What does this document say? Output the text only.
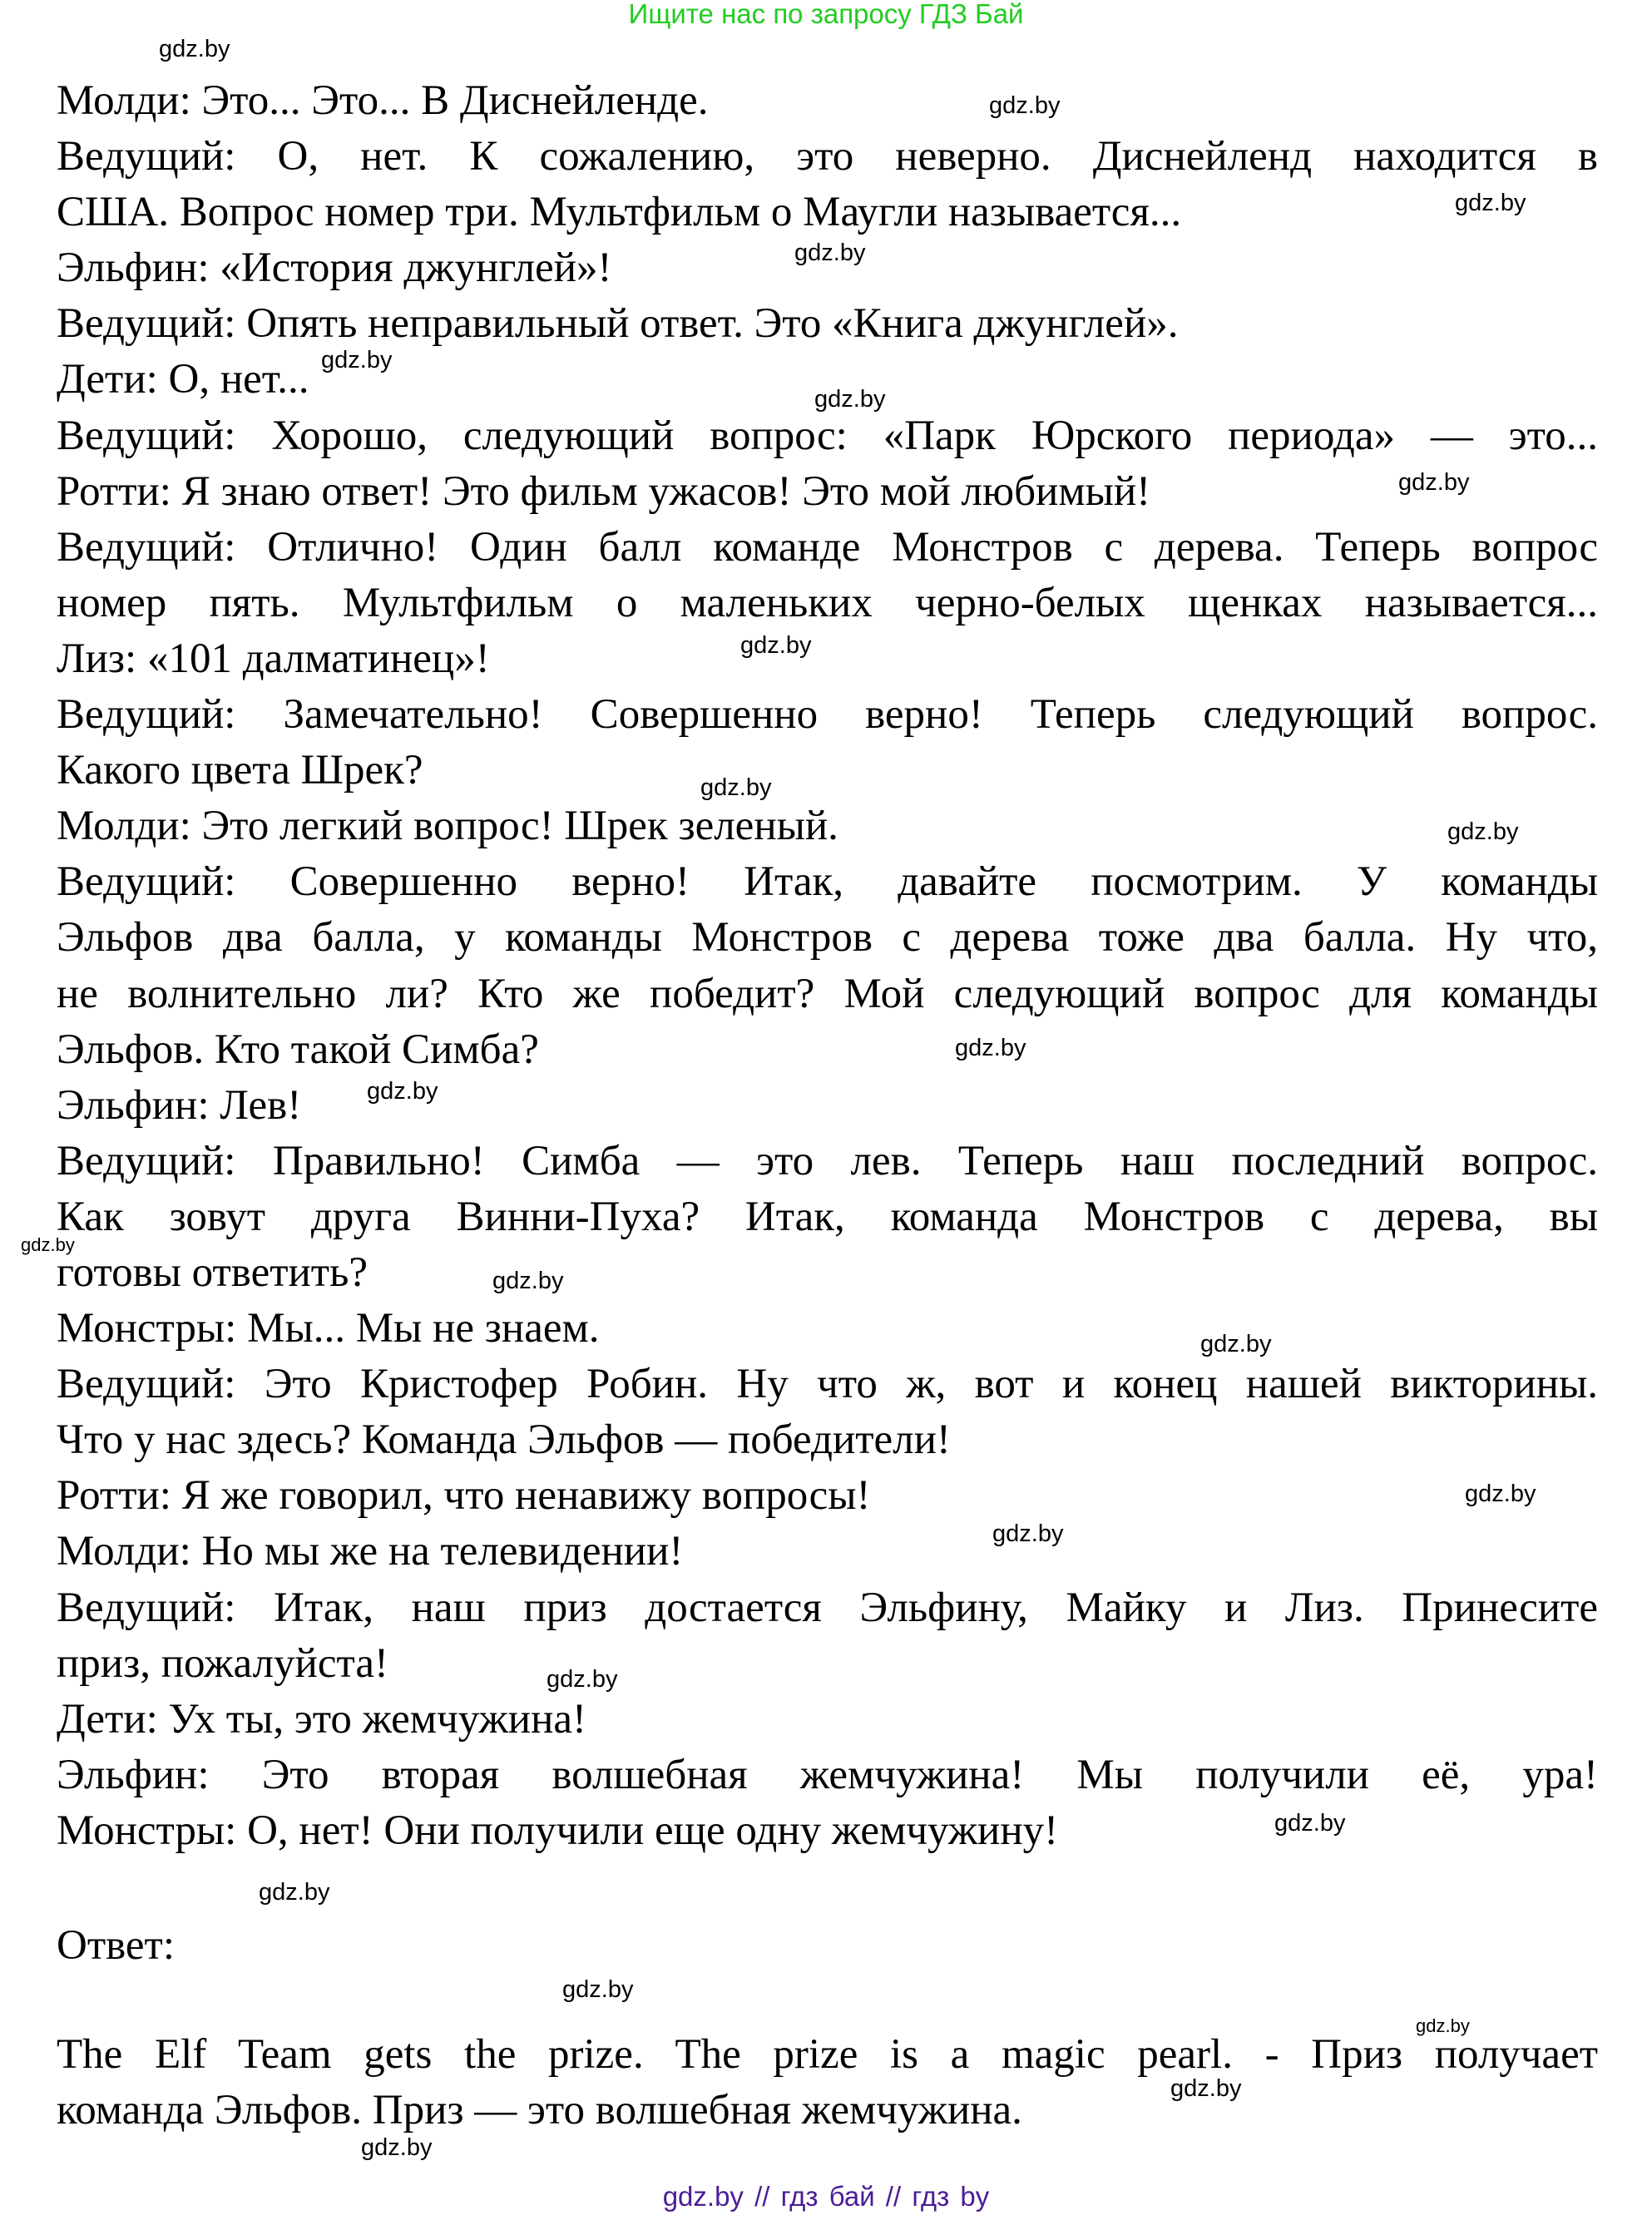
Ищите нас по запросу ГДЗ Бай
Молди: Это... Это... В Диснейленде.
Ведущий: О, нет. К сожалению, это неверно. Диснейленд находится в
США. Вопрос номер три. Мультфильм о Маугли называется...
Эльфин: «История джунглей»!
Ведущий: Опять неправильный ответ. Это «Книга джунглей».
Дети: О, нет...
Ведущий: Хорошо, следующий вопрос: «Парк Юрского периода» — это...
Ротти: Я знаю ответ! Это фильм ужасов! Это мой любимый!
Ведущий: Отлично! Один балл команде Монстров с дерева. Теперь вопрос
номер пять. Мультфильм о маленьких черно-белых щенках называется...
Лиз: «101 далматинец»!
Ведущий: Замечательно! Совершенно верно! Теперь следующий вопрос.
Какого цвета Шрек?
Молди: Это легкий вопрос! Шрек зеленый.
Ведущий: Совершенно верно! Итак, давайте посмотрим. У команды
Эльфов два балла, у команды Монстров с дерева тоже два балла. Ну что,
не волнительно ли? Кто же победит? Мой следующий вопрос для команды
Эльфов. Кто такой Симба?
Эльфин: Лев!
Ведущий: Правильно! Симба — это лев. Теперь наш последний вопрос.
Как зовут друга Винни-Пуха? Итак, команда Монстров с дерева, вы
готовы ответить?
Монстры: Мы... Мы не знаем.
Ведущий: Это Кристофер Робин. Ну что ж, вот и конец нашей викторины.
Что у нас здесь? Команда Эльфов — победители!
Ротти: Я же говорил, что ненавижу вопросы!
Молди: Но мы же на телевидении!
Ведущий: Итак, наш приз достается Эльфину, Майку и Лиз. Принесите
приз, пожалуйста!
Дети: Ух ты, это жемчужина!
Эльфин: Это вторая волшебная жемчужина! Мы получили её, ура!
Монстры: О, нет! Они получили еще одну жемчужину!
Ответ:
The Elf Team gets the prize. The prize is a magic pearl. - Приз получает
команда Эльфов. Приз — это волшебная жемчужина.
gdz.by
gdz.by
gdz.by
gdz.by
gdz.by
gdz.by
gdz.by
gdz.by
gdz.by
gdz.by
gdz.by
gdz.by
gdz.by
gdz.by
gdz.by
gdz.by
gdz.by
gdz.by
gdz.by
gdz.by
gdz.by
gdz.by
gdz.by
gdz.by
gdz.by // гдз бай // гдз by
